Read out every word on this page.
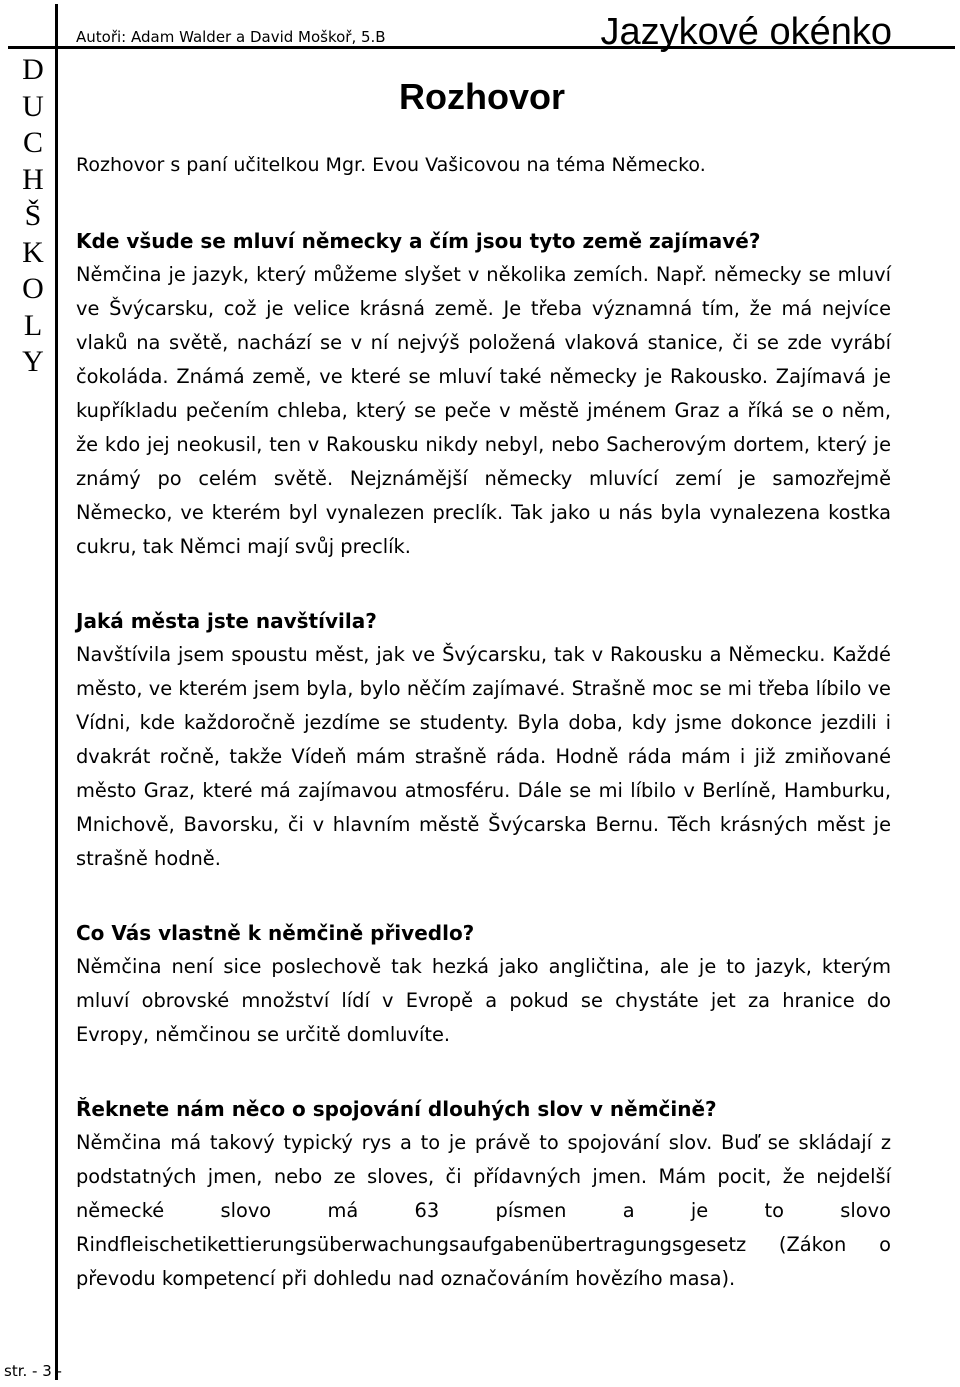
D
U
C
H
Š
K
O
L
Y
Autoři: Adam Walder a David Moškoř, 5.B	Jazykové okénko
Rozhovor
Rozhovor s paní učitelkou Mgr. Evou Vašicovou na téma Německo.

Kde všude se mluví německy a čím jsou tyto země zajímavé?

Němčina je jazyk, který můžeme slyšet v několika zemích. Např. německy se mluví ve Švýcarsku, což je velice krásná země. Je třeba významná tím, že má nejvíce vlaků na světě, nachází se v ní nejvýš položená vlaková stanice, či se zde vyrábí čokoláda. Známá země, ve které se mluví také německy je Rakousko. Zajímavá je kupříkladu pečením chleba, který se peče v městě jménem Graz a říká se o něm, že kdo jej neokusil, ten v Rakousku nikdy nebyl, nebo Sacherovým dortem, který je známý po celém světě. Nejznámější německy mluvící zemí je samozřejmě Německo, ve kterém byl vynalezen preclík. Tak jako u nás byla vynalezena kostka cukru, tak Němci mají svůj preclík.

Jaká města jste navštívila?

Navštívila jsem spoustu měst, jak ve Švýcarsku, tak v Rakousku a Německu. Každé město, ve kterém jsem byla, bylo něčím zajímavé. Strašně moc se mi třeba líbilo ve Vídni, kde každoročně jezdíme se studenty. Byla doba, kdy jsme dokonce jezdili i dvakrát ročně, takže Vídeň mám strašně ráda. Hodně ráda mám i již zmiňované město Graz, které má zajímavou atmosféru. Dále se mi líbilo v Berlíně, Hamburku, Mnichově, Bavorsku, či v hlavním městě Švýcarska Bernu. Těch krásných měst je strašně hodně.

Co Vás vlastně k němčině přivedlo?

Němčina není sice poslechově tak hezká jako angličtina, ale je to jazyk, kterým mluví obrovské množství lídí v Evropě a pokud se chystáte jet za hranice do Evropy, němčinou se určitě domluvíte.

Řeknete nám něco o spojování dlouhých slov v němčině?

Němčina má takový typický rys a to je právě to spojování slov. Buď se skládají z podstatných jmen, nebo ze sloves, či přídavných jmen. Mám pocit, že nejdelší německé slovo má 63 písmen a je to slovo Rindfleischetikettierungsüberwachungsaufgabenübertragungsgesetz (Zákon o převodu kompetencí při dohledu nad označováním hovězího masa).

str. - 3 -
